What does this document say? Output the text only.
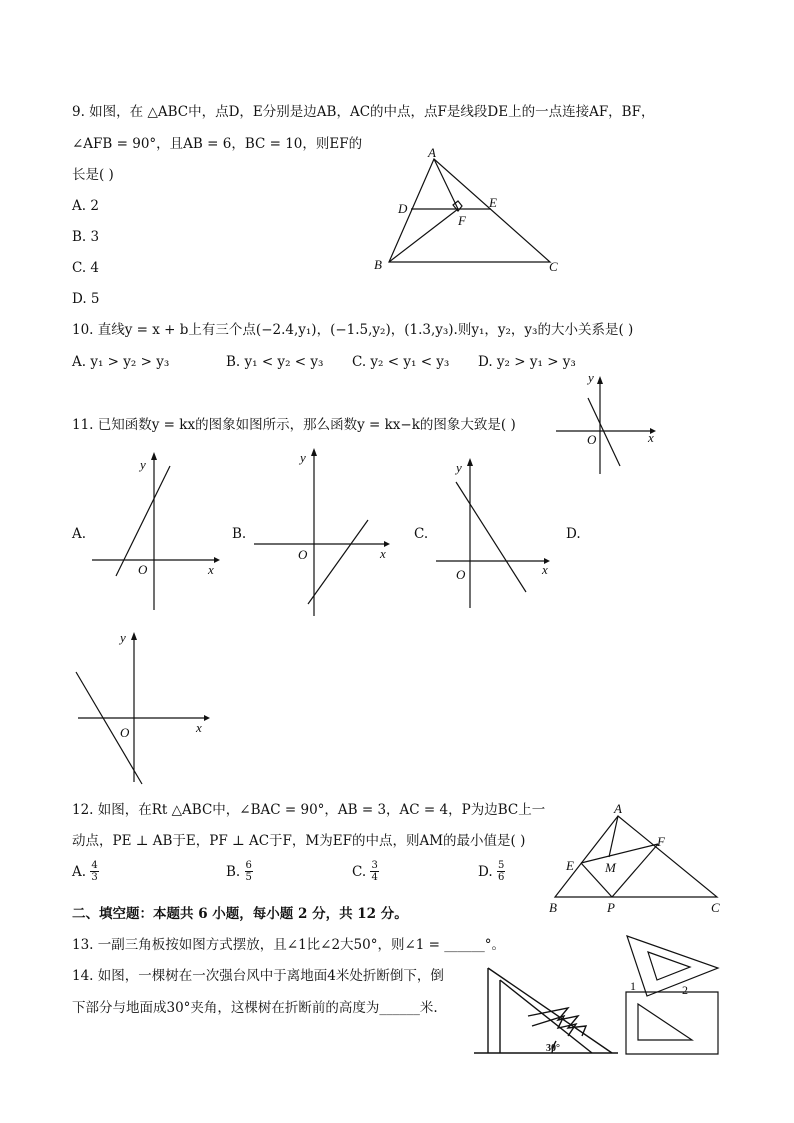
9. 如图，在 △ABC中，点D，E分别是边AB，AC的中点，点F是线段DE上的一点连接AF，BF，
∠AFB = 90°，且AB = 6，BC = 10，则EF的
长是( )
A. 2
B. 3
C. 4
D. 5
A
B	C
D	E
F
10. 直线y = x + b上有三个点(−2.4,y₁)，(−1.5,y₂)，(1.3,y₃).则y₁，y₂，y₃的大小关系是( )
A. y₁ > y₂ > y₃	B. y₁ < y₂ < y₃ C. y₂ < y₁ < y₃ D. y₂ > y₁ > y₃
11. 已知函数y = kx的图象如图所示，那么函数y = kx−k的图象大致是( )
x
y
O
A.
x
y
O
B.
x
y
O
C.
x
y
O
D.
x
y
O
12. 如图，在Rt △ABC中，∠BAC = 90°，AB = 3，AC = 4，P为边BC上一
动点，PE ⊥ AB于E，PF ⊥ AC于F，M为EF的中点，则AM的最小值是( )
A. $\frac{4}{3}$	B. $\frac{6}{5}$	C. $\frac{3}{4}$	D. $\frac{5}{6}$
A
B	C
E
F
M
P
二、填空题：本题共 6 小题，每小题 2 分，共 12 分。
13. 一副三角板按如图方式摆放，且∠1比∠2大50°，则∠1 = ______°。
1	2
14. 如图，一棵树在一次强台风中于离地面4米处折断倒下，倒
下部分与地面成30°夹角，这棵树在折断前的高度为______米.
30°
